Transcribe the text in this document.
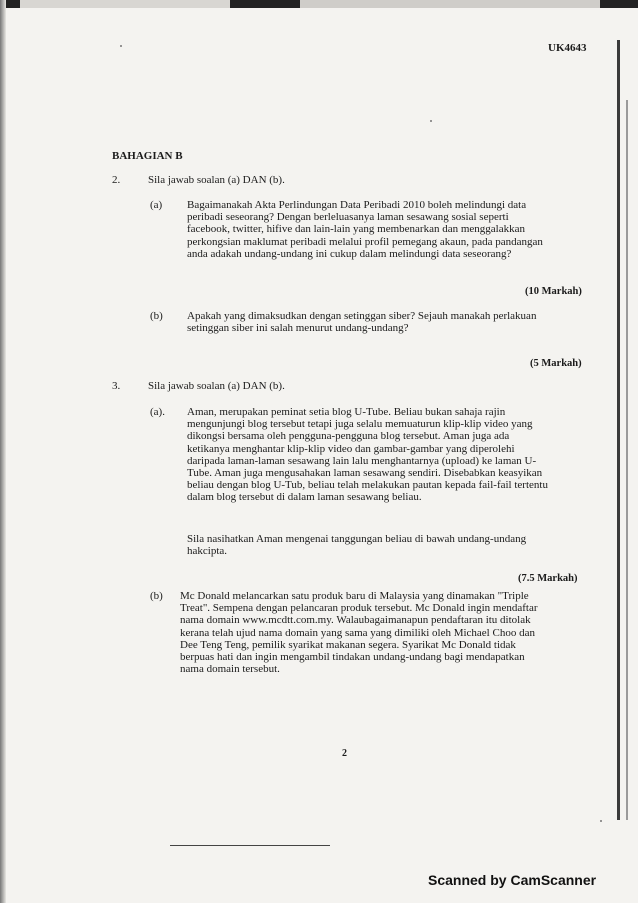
UK4643
BAHAGIAN B
2.	Sila jawab soalan (a) DAN (b).
(a) Bagaimanakah Akta Perlindungan Data Peribadi 2010 boleh melindungi data
peribadi seseorang? Dengan berleluasanya laman sesawang sosial seperti
facebook, twitter, hifive dan lain-lain yang membenarkan dan menggalakkan
perkongsian maklumat peribadi melalui profil pemegang akaun, pada pandangan
anda adakah undang-undang ini cukup dalam melindungi data seseorang?
(10 Markah)
(b) Apakah yang dimaksudkan dengan setinggan siber? Sejauh manakah perlakuan
setinggan siber ini salah menurut undang-undang?
(5 Markah)
3.	Sila jawab soalan (a) DAN (b).
(a). Aman, merupakan peminat setia blog U-Tube. Beliau bukan sahaja rajin
mengunjungi blog tersebut tetapi juga selalu memuaturun klip-klip video yang
dikongsi bersama oleh pengguna-pengguna blog tersebut. Aman juga ada
ketikanya menghantar klip-klip video dan gambar-gambar yang diperolehi
daripada laman-laman sesawang lain lalu menghantarnya (upload) ke laman U-
Tube. Aman juga mengusahakan laman sesawang sendiri. Disebabkan keasyikan
beliau dengan blog U-Tub, beliau telah melakukan pautan kepada fail-fail tertentu
dalam blog tersebut di dalam laman sesawang beliau.
Sila nasihatkan Aman mengenai tanggungan beliau di bawah undang-undang
hakcipta.
(7.5 Markah)
(b) Mc Donald melancarkan satu produk baru di Malaysia yang dinamakan "Triple
Treat". Sempena dengan pelancaran produk tersebut. Mc Donald ingin mendaftar
nama domain www.mcdtt.com.my. Walaubagaimanapun pendaftaran itu ditolak
kerana telah ujud nama domain yang sama yang dimiliki oleh Michael Choo dan
Dee Teng Teng, pemilik syarikat makanan segera. Syarikat Mc Donald tidak
berpuas hati dan ingin mengambil tindakan undang-undang bagi mendapatkan
nama domain tersebut.
2
Scanned by CamScanner
